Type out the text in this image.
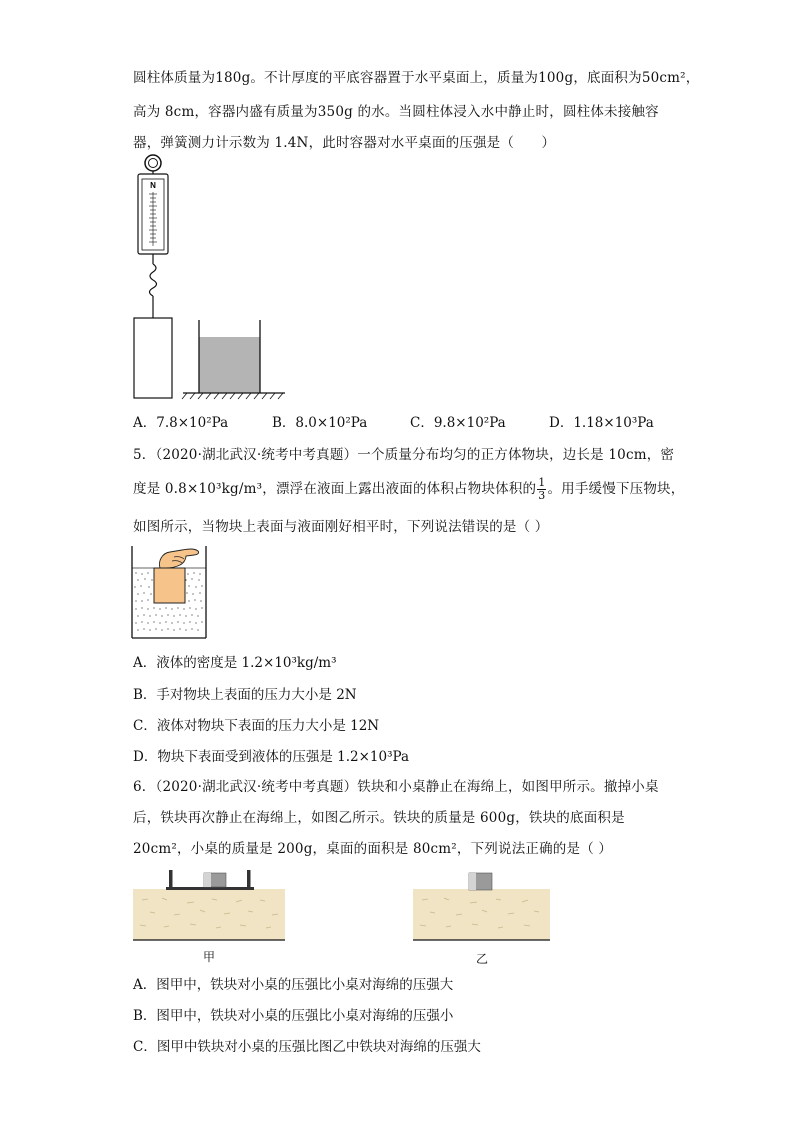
圆柱体质量为180g。不计厚度的平底容器置于水平桌面上，质量为100g，底面积为50cm²，
高为 8cm，容器内盛有质量为350g 的水。当圆柱体浸入水中静止时，圆柱体未接触容
器，弹簧测力计示数为 1.4N，此时容器对水平桌面的压强是（　　）
N
A．7.8×10²Pa	B．8.0×10²Pa	C．9.8×10²Pa	D．1.18×10³Pa
5．（2020·湖北武汉·统考中考真题）一个质量分布均匀的正方体物块，边长是 10cm，密
度是 0.8×10³kg/m³，漂浮在液面上露出液面的体积占物块体积的 $\frac{1}{3}$ 。用手缓慢下压物块，
如图所示，当物块上表面与液面刚好相平时，下列说法错误的是（ ）
A．液体的密度是 1.2×10³kg/m³
B．手对物块上表面的压力大小是 2N
C．液体对物块下表面的压力大小是 12N
D．物块下表面受到液体的压强是 1.2×10³Pa
6．（2020·湖北武汉·统考中考真题）铁块和小桌静止在海绵上，如图甲所示。撤掉小桌
后，铁块再次静止在海绵上，如图乙所示。铁块的质量是 600g，铁块的底面积是
20cm²，小桌的质量是 200g，桌面的面积是 80cm²，下列说法正确的是（ ）
甲	乙
A．图甲中，铁块对小桌的压强比小桌对海绵的压强大
B．图甲中，铁块对小桌的压强比小桌对海绵的压强小
C．图甲中铁块对小桌的压强比图乙中铁块对海绵的压强大
